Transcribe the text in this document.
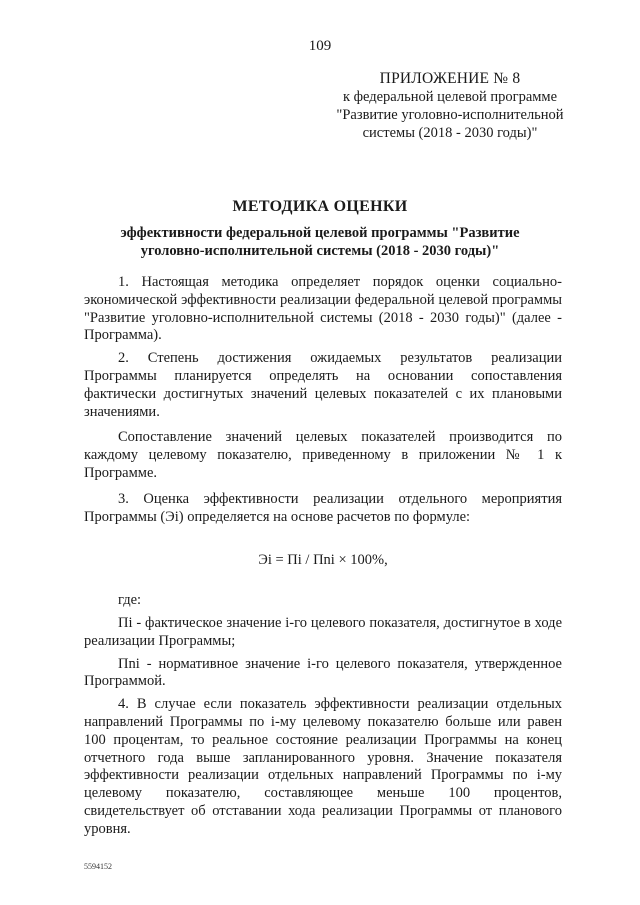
109
ПРИЛОЖЕНИЕ № 8
к федеральной целевой программе
"Развитие уголовно-исполнительной
системы (2018 - 2030 годы)"
МЕТОДИКА ОЦЕНКИ
эффективности федеральной целевой программы "Развитие
уголовно-исполнительной системы (2018 - 2030 годы)"

1. Настоящая методика определяет порядок оценки социально-экономической эффективности реализации федеральной целевой программы "Развитие уголовно-исполнительной системы (2018 - 2030 годы)" (далее - Программа).

2. Степень достижения ожидаемых результатов реализации Программы планируется определять на основании сопоставления фактически достигнутых значений целевых показателей с их плановыми значениями.

Сопоставление значений целевых показателей производится по каждому целевому показателю, приведенному в приложении № 1 к Программе.

3. Оценка эффективности реализации отдельного мероприятия Программы (Эi) определяется на основе расчетов по формуле:

Эi = Пi / Пni × 100%,

где:

Пi - фактическое значение i-го целевого показателя, достигнутое в ходе реализации Программы;

Пni - нормативное значение i-го целевого показателя, утвержденное Программой.

4. В случае если показатель эффективности реализации отдельных направлений Программы по i-му целевому показателю больше или равен 100 процентам, то реальное состояние реализации Программы на конец отчетного года выше запланированного уровня. Значение показателя эффективности реализации отдельных направлений Программы по i-му целевому показателю, составляющее меньше 100 процентов, свидетельствует об отставании хода реализации Программы от планового уровня.

5594152
